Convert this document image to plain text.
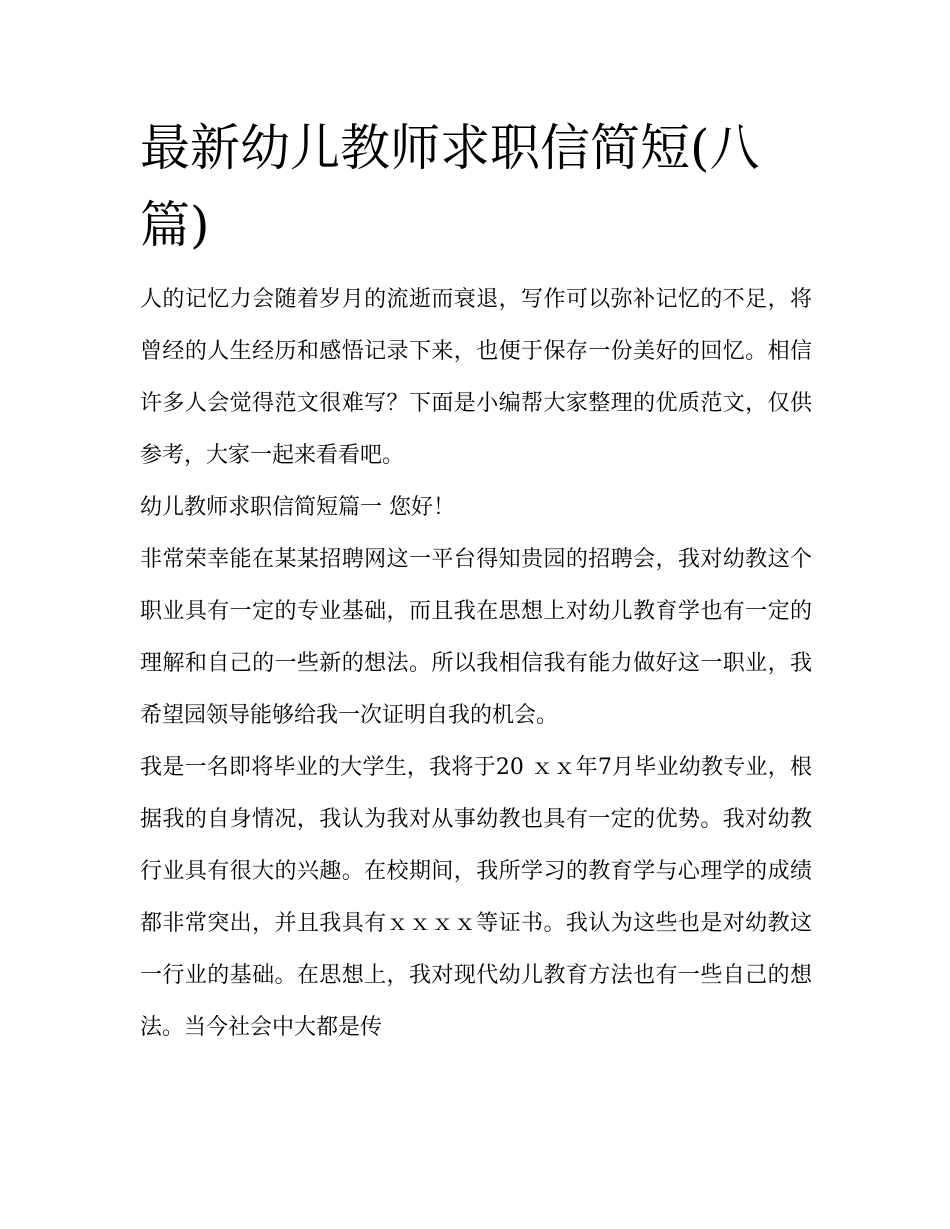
最新幼儿教师求职信简短(八篇)

人的记忆力会随着岁月的流逝而衰退，写作可以弥补记忆的不足，将曾经的人生经历和感悟记录下来，也便于保存一份美好的回忆。相信许多人会觉得范文很难写？下面是小编帮大家整理的优质范文，仅供参考，大家一起来看看吧。

幼儿教师求职信简短篇一 您好！

非常荣幸能在某某招聘网这一平台得知贵园的招聘会，我对幼教这个职业具有一定的专业基础，而且我在思想上对幼儿教育学也有一定的理解和自己的一些新的想法。所以我相信我有能力做好这一职业，我希望园领导能够给我一次证明自我的机会。

我是一名即将毕业的大学生，我将于20 ｘｘ年7月毕业幼教专业，根据我的自身情况，我认为我对从事幼教也具有一定的优势。我对幼教行业具有很大的兴趣。在校期间，我所学习的教育学与心理学的成绩都非常突出，并且我具有ｘｘｘｘ等证书。我认为这些也是对幼教这一行业的基础。在思想上，我对现代幼儿教育方法也有一些自己的想法。当今社会中大都是传
